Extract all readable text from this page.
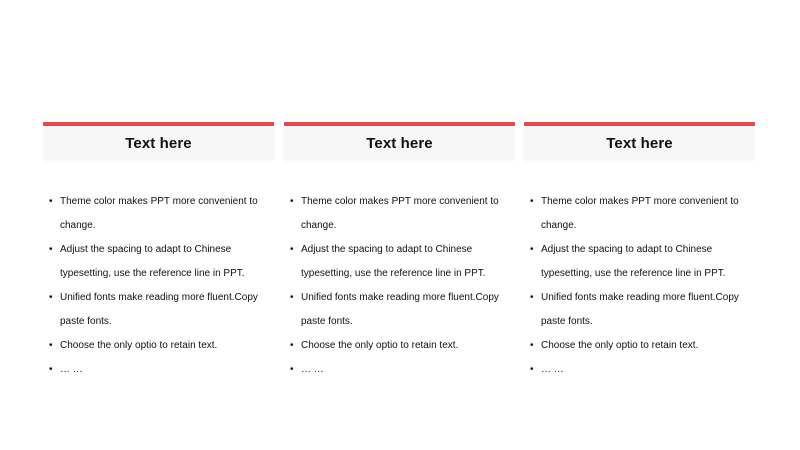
Text here
• Theme color makes PPT more convenient to change.
• Adjust the spacing to adapt to Chinese typesetting, use the reference line in PPT.
• Unified fonts make reading more fluent.Copy paste fonts.
• Choose the only optio to retain text.
• … …
Text here
• Theme color makes PPT more convenient to change.
• Adjust the spacing to adapt to Chinese typesetting, use the reference line in PPT.
• Unified fonts make reading more fluent.Copy paste fonts.
• Choose the only optio to retain text.
• … …
Text here
• Theme color makes PPT more convenient to change.
• Adjust the spacing to adapt to Chinese typesetting, use the reference line in PPT.
• Unified fonts make reading more fluent.Copy paste fonts.
• Choose the only optio to retain text.
• … …
